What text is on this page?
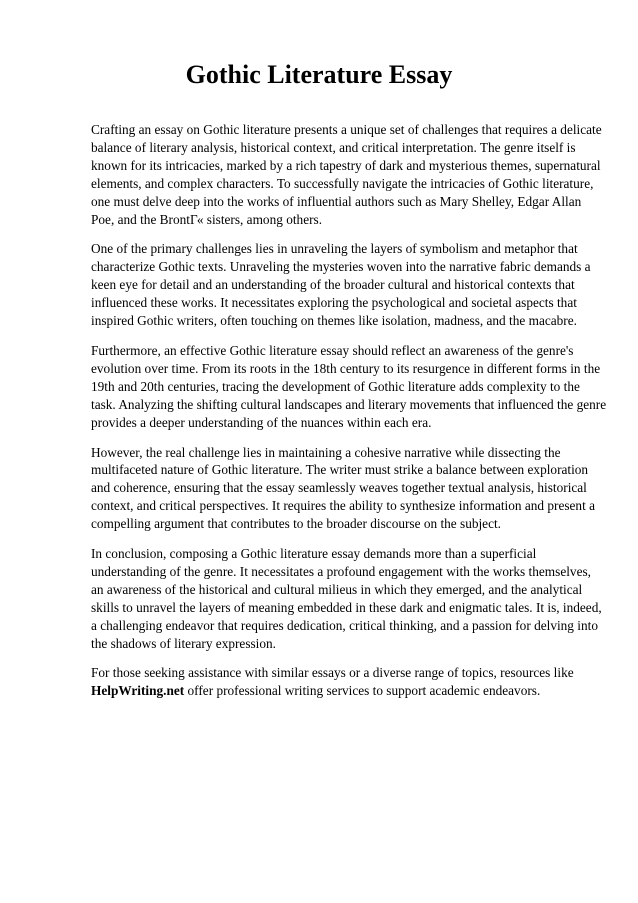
Gothic Literature Essay

Crafting an essay on Gothic literature presents a unique set of challenges that requires a delicate
balance of literary analysis, historical context, and critical interpretation. The genre itself is
known for its intricacies, marked by a rich tapestry of dark and mysterious themes, supernatural
elements, and complex characters. To successfully navigate the intricacies of Gothic literature,
one must delve deep into the works of influential authors such as Mary Shelley, Edgar Allan
Poe, and the BrontГ« sisters, among others.

One of the primary challenges lies in unraveling the layers of symbolism and metaphor that
characterize Gothic texts. Unraveling the mysteries woven into the narrative fabric demands a
keen eye for detail and an understanding of the broader cultural and historical contexts that
influenced these works. It necessitates exploring the psychological and societal aspects that
inspired Gothic writers, often touching on themes like isolation, madness, and the macabre.

Furthermore, an effective Gothic literature essay should reflect an awareness of the genre's
evolution over time. From its roots in the 18th century to its resurgence in different forms in the
19th and 20th centuries, tracing the development of Gothic literature adds complexity to the
task. Analyzing the shifting cultural landscapes and literary movements that influenced the genre
provides a deeper understanding of the nuances within each era.

However, the real challenge lies in maintaining a cohesive narrative while dissecting the
multifaceted nature of Gothic literature. The writer must strike a balance between exploration
and coherence, ensuring that the essay seamlessly weaves together textual analysis, historical
context, and critical perspectives. It requires the ability to synthesize information and present a
compelling argument that contributes to the broader discourse on the subject.

In conclusion, composing a Gothic literature essay demands more than a superficial
understanding of the genre. It necessitates a profound engagement with the works themselves,
an awareness of the historical and cultural milieus in which they emerged, and the analytical
skills to unravel the layers of meaning embedded in these dark and enigmatic tales. It is, indeed,
a challenging endeavor that requires dedication, critical thinking, and a passion for delving into
the shadows of literary expression.

For those seeking assistance with similar essays or a diverse range of topics, resources like
HelpWriting.net offer professional writing services to support academic endeavors.
